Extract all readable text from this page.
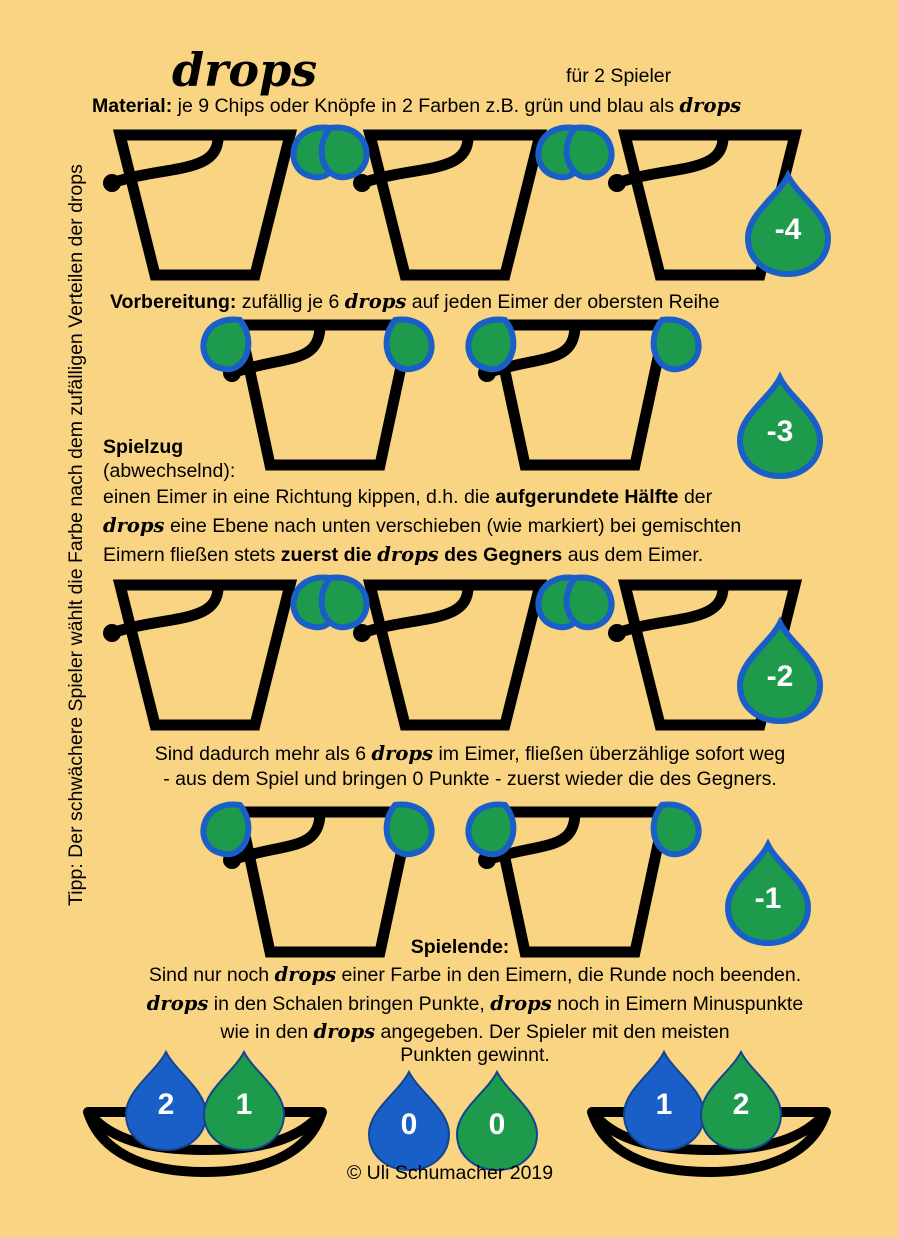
-4
-3
-2
-1
2 1
0 0
1 2
drops	für 2 Spieler
Material: je 9 Chips oder Knöpfe in 2 Farben z.B. grün und blau als drops
Vorbereitung: zufällig je 6 drops auf jeden Eimer der obersten Reihe
Spielzug
(abwechselnd):
einen Eimer in eine Richtung kippen, d.h. die aufgerundete Hälfte der
drops eine Ebene nach unten verschieben (wie markiert) bei gemischten
Eimern fließen stets zuerst die drops des Gegners aus dem Eimer.
Sind dadurch mehr als 6 drops im Eimer, fließen überzählige sofort weg
- aus dem Spiel und bringen 0 Punkte - zuerst wieder die des Gegners.
Spielende:
Sind nur noch drops einer Farbe in den Eimern, die Runde noch beenden.
drops in den Schalen bringen Punkte, drops noch in Eimern Minuspunkte
wie in den drops angegeben. Der Spieler mit den meisten
Punkten gewinnt.
Tipp: Der schwächere Spieler wählt die Farbe nach dem zufälligen Verteilen der drops
© Uli Schumacher 2019
